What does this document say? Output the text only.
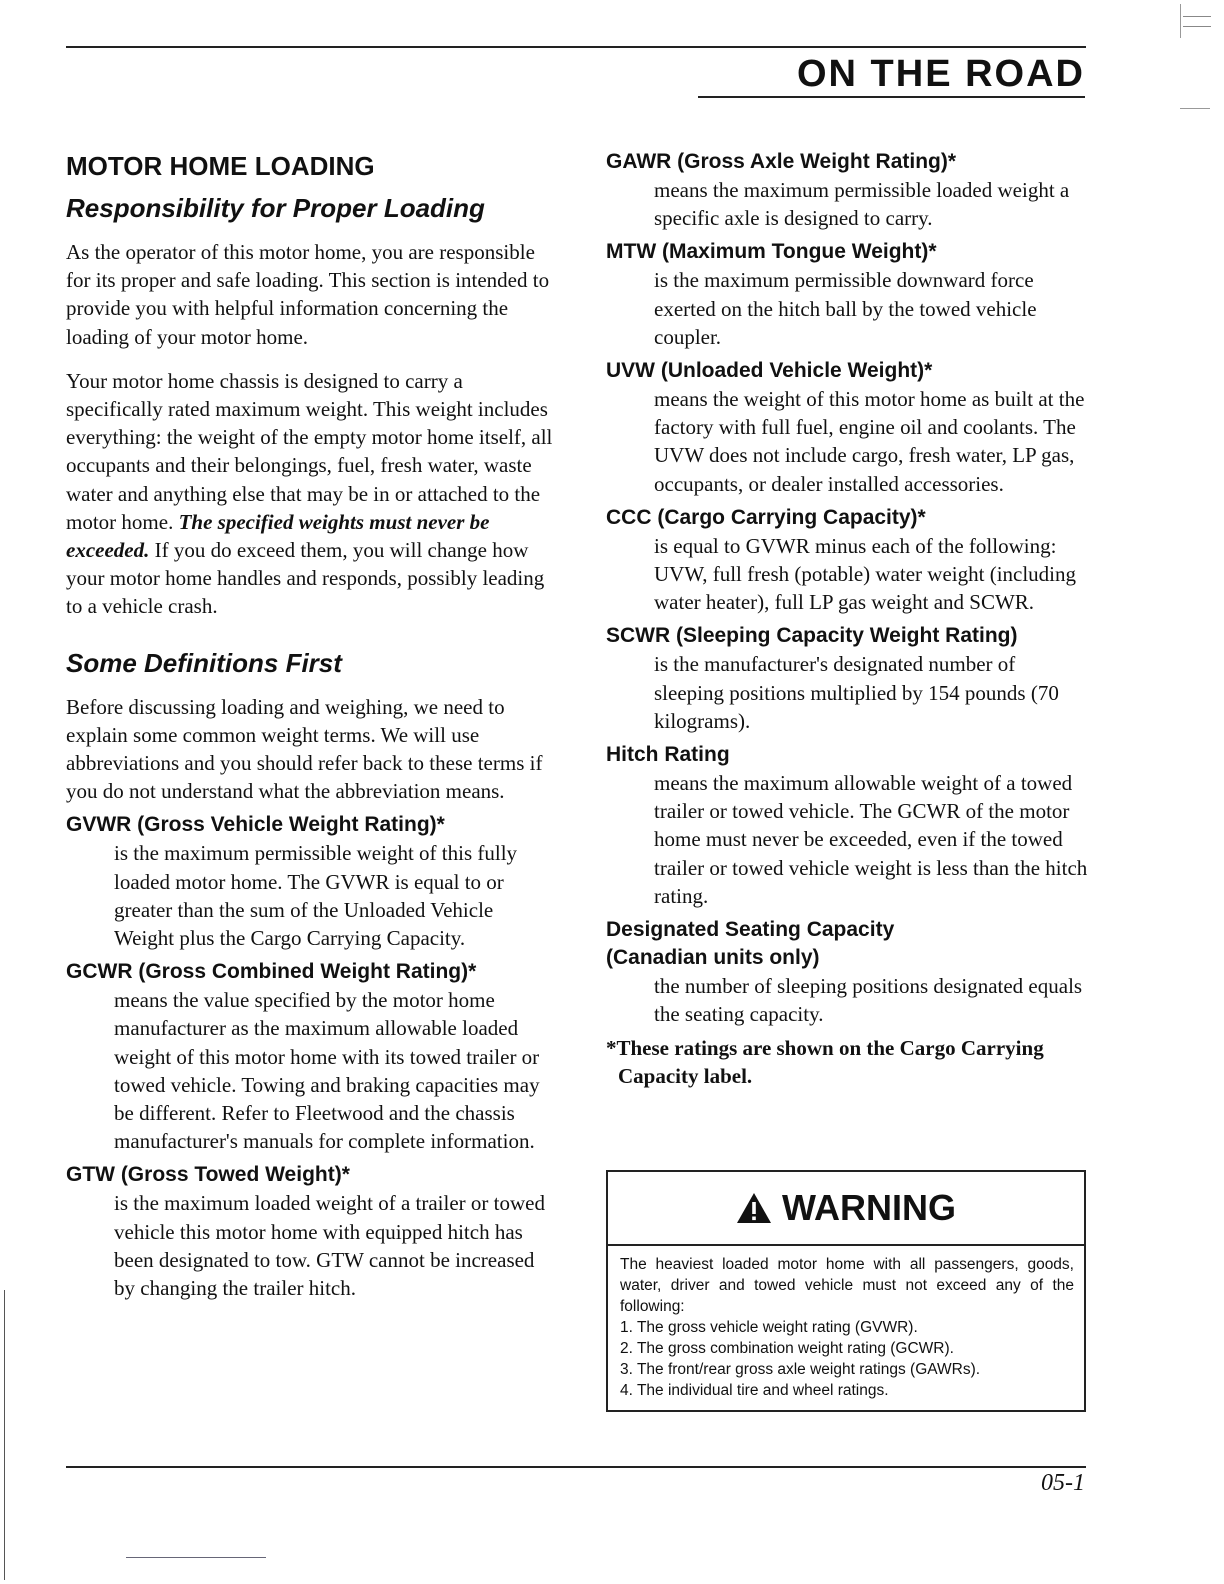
ON THE ROAD
MOTOR HOME LOADING
Responsibility for Proper Loading

As the operator of this motor home, you are responsible for its proper and safe loading. This section is intended to provide you with helpful information concerning the loading of your motor home.

Your motor home chassis is designed to carry a specifically rated maximum weight. This weight includes everything: the weight of the empty motor home itself, all occupants and their belongings, fuel, fresh water, waste water and anything else that may be in or attached to the motor home. The specified weights must never be exceeded. If you do exceed them, you will change how your motor home handles and responds, possibly leading to a vehicle crash.

Some Definitions First

Before discussing loading and weighing, we need to explain some common weight terms. We will use abbreviations and you should refer back to these terms if you do not understand what the abbreviation means.

GVWR (Gross Vehicle Weight Rating)*

is the maximum permissible weight of this fully loaded motor home. The GVWR is equal to or greater than the sum of the Unloaded Vehicle Weight plus the Cargo Carrying Capacity.

GCWR (Gross Combined Weight Rating)*

means the value specified by the motor home manufacturer as the maximum allowable loaded weight of this motor home with its towed trailer or towed vehicle. Towing and braking capacities may be different. Refer to Fleetwood and the chassis manufacturer's manuals for complete information.

GTW (Gross Towed Weight)*

is the maximum loaded weight of a trailer or towed vehicle this motor home with equipped hitch has been designated to tow. GTW cannot be increased by changing the trailer hitch.

GAWR (Gross Axle Weight Rating)*

means the maximum permissible loaded weight a specific axle is designed to carry.

MTW (Maximum Tongue Weight)*

is the maximum permissible downward force exerted on the hitch ball by the towed vehicle coupler.

UVW (Unloaded Vehicle Weight)*

means the weight of this motor home as built at the factory with full fuel, engine oil and coolants. The UVW does not include cargo, fresh water, LP gas, occupants, or dealer installed accessories.

CCC (Cargo Carrying Capacity)*

is equal to GVWR minus each of the following: UVW, full fresh (potable) water weight (including water heater), full LP gas weight and SCWR.

SCWR (Sleeping Capacity Weight Rating)

is the manufacturer's designated number of sleeping positions multiplied by 154 pounds (70 kilograms).

Hitch Rating

means the maximum allowable weight of a towed trailer or towed vehicle. The GCWR of the motor home must never be exceeded, even if the towed trailer or towed vehicle weight is less than the hitch rating.

Designated Seating Capacity (Canadian units only)

the number of sleeping positions designated equals the seating capacity.

*These ratings are shown on the Cargo Carrying Capacity label.

WARNING
The heaviest loaded motor home with all passengers, goods, water, driver and towed vehicle must not exceed any of the following:
1. The gross vehicle weight rating (GVWR).
2. The gross combination weight rating (GCWR).
3. The front/rear gross axle weight ratings (GAWRs).
4. The individual tire and wheel ratings.

05-1
